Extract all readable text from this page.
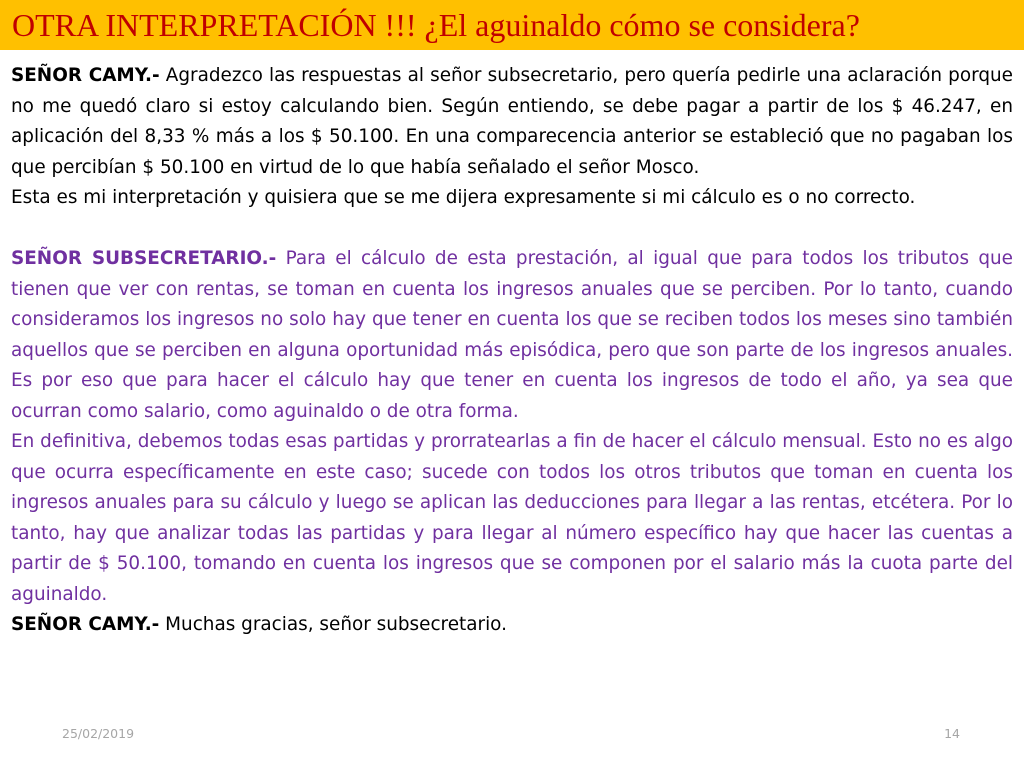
OTRA INTERPRETACIÓN !!! ¿El aguinaldo cómo se considera?

SEÑOR CAMY.- Agradezco las respuestas al señor subsecretario, pero quería pedirle una aclaración porque no me quedó claro si estoy calculando bien. Según entiendo, se debe pagar a partir de los $ 46.247, en aplicación del 8,33 % más a los $ 50.100. En una comparecencia anterior se estableció que no pagaban los que percibían $ 50.100 en virtud de lo que había señalado el señor Mosco.

Esta es mi interpretación y quisiera que se me dijera expresamente si mi cálculo es o no correcto.

SEÑOR SUBSECRETARIO.- Para el cálculo de esta prestación, al igual que para todos los tributos que tienen que ver con rentas, se toman en cuenta los ingresos anuales que se perciben. Por lo tanto, cuando consideramos los ingresos no solo hay que tener en cuenta los que se reciben todos los meses sino también aquellos que se perciben en alguna oportunidad más episódica, pero que son parte de los ingresos anuales. Es por eso que para hacer el cálculo hay que tener en cuenta los ingresos de todo el año, ya sea que ocurran como salario, como aguinaldo o de otra forma.

En definitiva, debemos todas esas partidas y prorratearlas a fin de hacer el cálculo mensual. Esto no es algo que ocurra específicamente en este caso; sucede con todos los otros tributos que toman en cuenta los ingresos anuales para su cálculo y luego se aplican las deducciones para llegar a las rentas, etcétera. Por lo tanto, hay que analizar todas las partidas y para llegar al número específico hay que hacer las cuentas a partir de $ 50.100, tomando en cuenta los ingresos que se componen por el salario más la cuota parte del aguinaldo.

SEÑOR CAMY.- Muchas gracias, señor subsecretario.

25/02/2019	14
